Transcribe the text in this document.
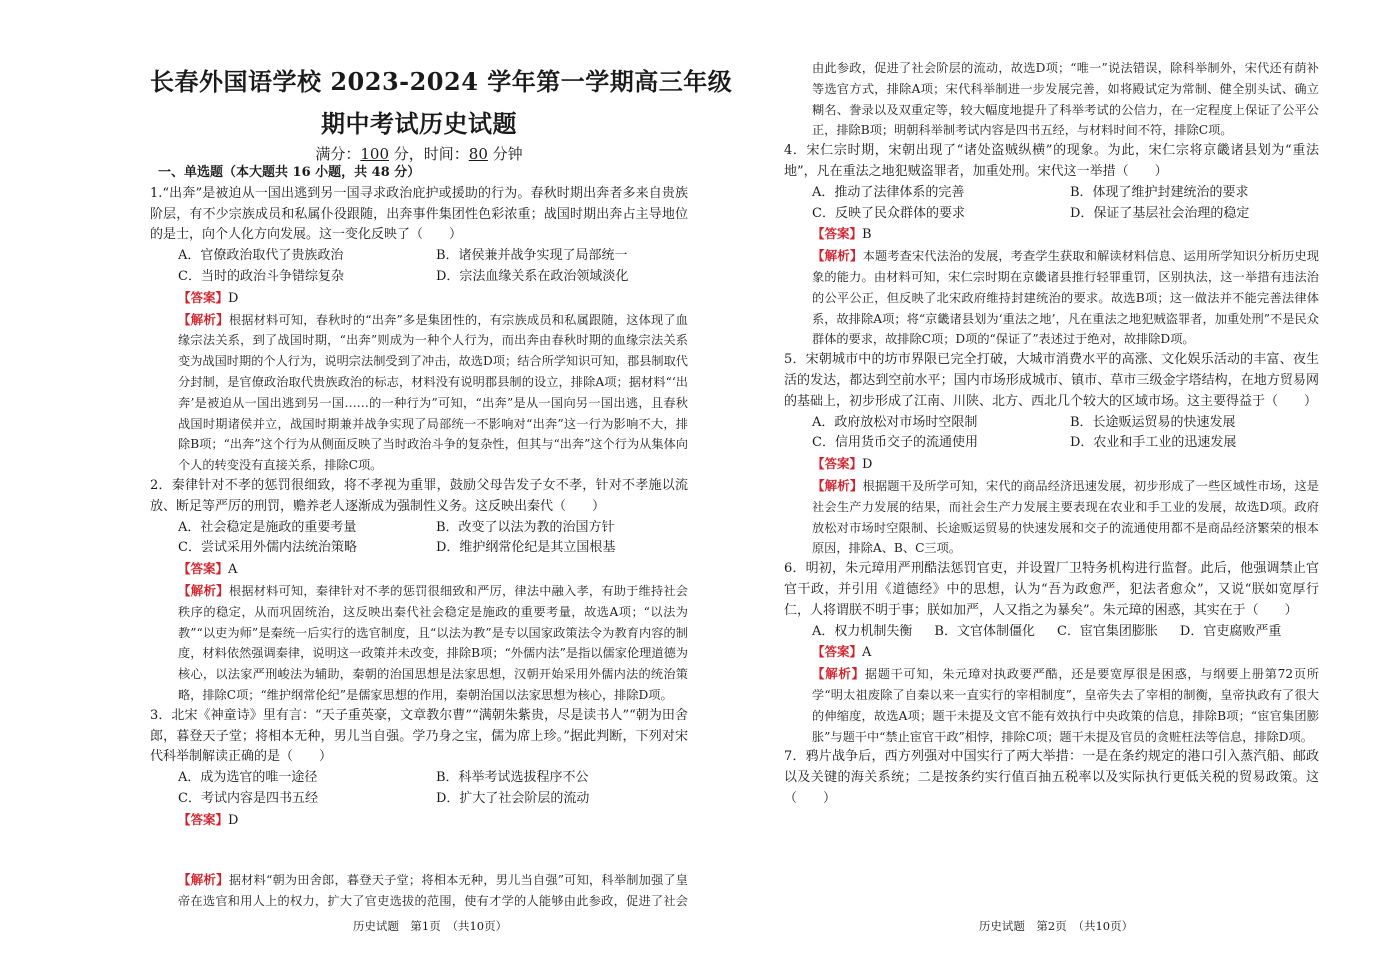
长春外国语学校 2023-2024 学年第一学期高三年级
期中考试历史试题
满分：100 分，时间：80 分钟

一、单选题（本大题共 16 小题，共 48 分）

1.“出奔”是被迫从一国出逃到另一国寻求政治庇护或援助的行为。春秋时期出奔者多来自贵族阶层，有不少宗族成员和私属仆役跟随，出奔事件集团性色彩浓重；战国时期出奔占主导地位的是士，向个人化方向发展。这一变化反映了（　　）

A．官僚政治取代了贵族政治	B．诸侯兼并战争实现了局部统一
C．当时的政治斗争错综复杂	D．宗法血缘关系在政治领域淡化

【答案】D

【解析】根据材料可知，春秋时的“出奔”多是集团性的，有宗族成员和私属跟随，这体现了血缘宗法关系，到了战国时期，“出奔”则成为一种个人行为，而出奔由春秋时期的血缘宗法关系变为战国时期的个人行为，说明宗法制受到了冲击，故选D项；结合所学知识可知，郡县制取代分封制，是官僚政治取代贵族政治的标志，材料没有说明郡县制的设立，排除A项；据材料“‘出奔’是被迫从一国出逃到另一国……的一种行为”可知，“出奔”是从一国向另一国出逃，且春秋战国时期诸侯并立，战国时期兼并战争实现了局部统一不影响对“出奔”这一行为影响不大，排除B项；“出奔”这个行为从侧面反映了当时政治斗争的复杂性，但其与“出奔”这个行为从集体向个人的转变没有直接关系，排除C项。

2．秦律针对不孝的惩罚很细致，将不孝视为重罪，鼓励父母告发子女不孝，针对不孝施以流放、断足等严厉的刑罚，赡养老人逐渐成为强制性义务。这反映出秦代（　　）

A．社会稳定是施政的重要考量	B．改变了以法为教的治国方针
C．尝试采用外儒内法统治策略	D．维护纲常伦纪是其立国根基

【答案】A

【解析】根据材料可知，秦律针对不孝的惩罚很细致和严厉，律法中融入孝，有助于维持社会秩序的稳定，从而巩固统治，这反映出秦代社会稳定是施政的重要考量，故选A项；“以法为教”“以吏为师”是秦统一后实行的选官制度，且“以法为教”是专以国家政策法令为教育内容的制度，材料依然强调秦律，说明这一政策并未改变，排除B项；“外儒内法”是指以儒家伦理道德为核心，以法家严刑峻法为辅助，秦朝的治国思想是法家思想，汉朝开始采用外儒内法的统治策略，排除C项；“维护纲常伦纪”是儒家思想的作用，秦朝治国以法家思想为核心，排除D项。

3．北宋《神童诗》里有言：“天子重英豪，文章教尔曹”“满朝朱紫贵，尽是读书人”“朝为田舍郎，暮登天子堂；将相本无种，男儿当自强。学乃身之宝，儒为席上珍。”据此判断，下列对宋代科举制解读正确的是（　　）

A．成为选官的唯一途径	B．科举考试选拔程序不公
C．考试内容是四书五经	D．扩大了社会阶层的流动

【答案】D

【解析】据材料“朝为田舍郎，暮登天子堂；将相本无种，男儿当自强”可知，科举制加强了皇帝在选官和用人上的权力，扩大了官吏选拔的范围，使有才学的人能够由此参政，促进了社会

由此参政，促进了社会阶层的流动，故选D项；“唯一”说法错误，除科举制外，宋代还有荫补等选官方式，排除A项；宋代科举制进一步发展完善，如将殿试定为常制、健全别头试、确立糊名、誊录以及双重定等，较大幅度地提升了科举考试的公信力，在一定程度上保证了公平公正，排除B项；明朝科举制考试内容是四书五经，与材料时间不符，排除C项。

4．宋仁宗时期，宋朝出现了“诸处盗贼纵横”的现象。为此，宋仁宗将京畿诸县划为“重法地”，凡在重法之地犯贼盗罪者，加重处刑。宋代这一举措（　　）

A．推动了法律体系的完善	B．体现了维护封建统治的要求
C．反映了民众群体的要求	D．保证了基层社会治理的稳定

【答案】B

【解析】本题考查宋代法治的发展，考查学生获取和解读材料信息、运用所学知识分析历史现象的能力。由材料可知，宋仁宗时期在京畿诸县推行轻罪重罚，区别执法，这一举措有违法治的公平公正，但反映了北宋政府维持封建统治的要求。故选B项；这一做法并不能完善法律体系，故排除A项；将“京畿诸县划为‘重法之地’，凡在重法之地犯贼盗罪者，加重处刑”不是民众群体的要求，故排除C项；D项的“保证了”表述过于绝对，故排除D项。

5．宋朝城市中的坊市界限已完全打破，大城市消费水平的高涨、文化娱乐活动的丰富、夜生活的发达，都达到空前水平；国内市场形成城市、镇市、草市三级金字塔结构，在地方贸易网的基础上，初步形成了江南、川陕、北方、西北几个较大的区域市场。这主要得益于（　　）

A．政府放松对市场时空限制	B．长途贩运贸易的快速发展
C．信用货币交子的流通使用	D．农业和手工业的迅速发展

【答案】D

【解析】根据题干及所学可知，宋代的商品经济迅速发展，初步形成了一些区域性市场，这是社会生产力发展的结果，而社会生产力发展主要表现在农业和手工业的发展，故选D项。政府放松对市场时空限制、长途贩运贸易的快速发展和交子的流通使用都不是商品经济繁荣的根本原因，排除A、B、C三项。

6．明初，朱元璋用严刑酷法惩罚官吏，并设置厂卫特务机构进行监督。此后，他强调禁止官官干政，并引用《道德经》中的思想，认为“吾为政愈严，犯法者愈众”，又说“朕如宽厚行仁，人将谓朕不明于事；朕如加严，人又指之为暴矣”。朱元璋的困惑，其实在于（　　）

A．权力机制失衡 B．文官体制僵化 C．宦官集团膨胀 D．官吏腐败严重

【答案】A

【解析】据题干可知，朱元璋对执政要严酷，还是要宽厚很是困惑，与纲要上册第72页所学“明太祖废除了自秦以来一直实行的宰相制度”，皇帝失去了宰相的制衡，皇帝执政有了很大的伸缩度，故选A项；题干未提及文官不能有效执行中央政策的信息，排除B项；“宦官集团膨胀”与题干中“禁止宦官干政”相悖，排除C项；题干未提及官员的贪赃枉法等信息，排除D项。

7．鸦片战争后，西方列强对中国实行了两大举措：一是在条约规定的港口引入蒸汽船、邮政以及关键的海关系统；二是按条约实行值百抽五税率以及实际执行更低关税的贸易政策。这（　　）

历史试题　第1页　（共10页）	历史试题　第2页　（共10页）
